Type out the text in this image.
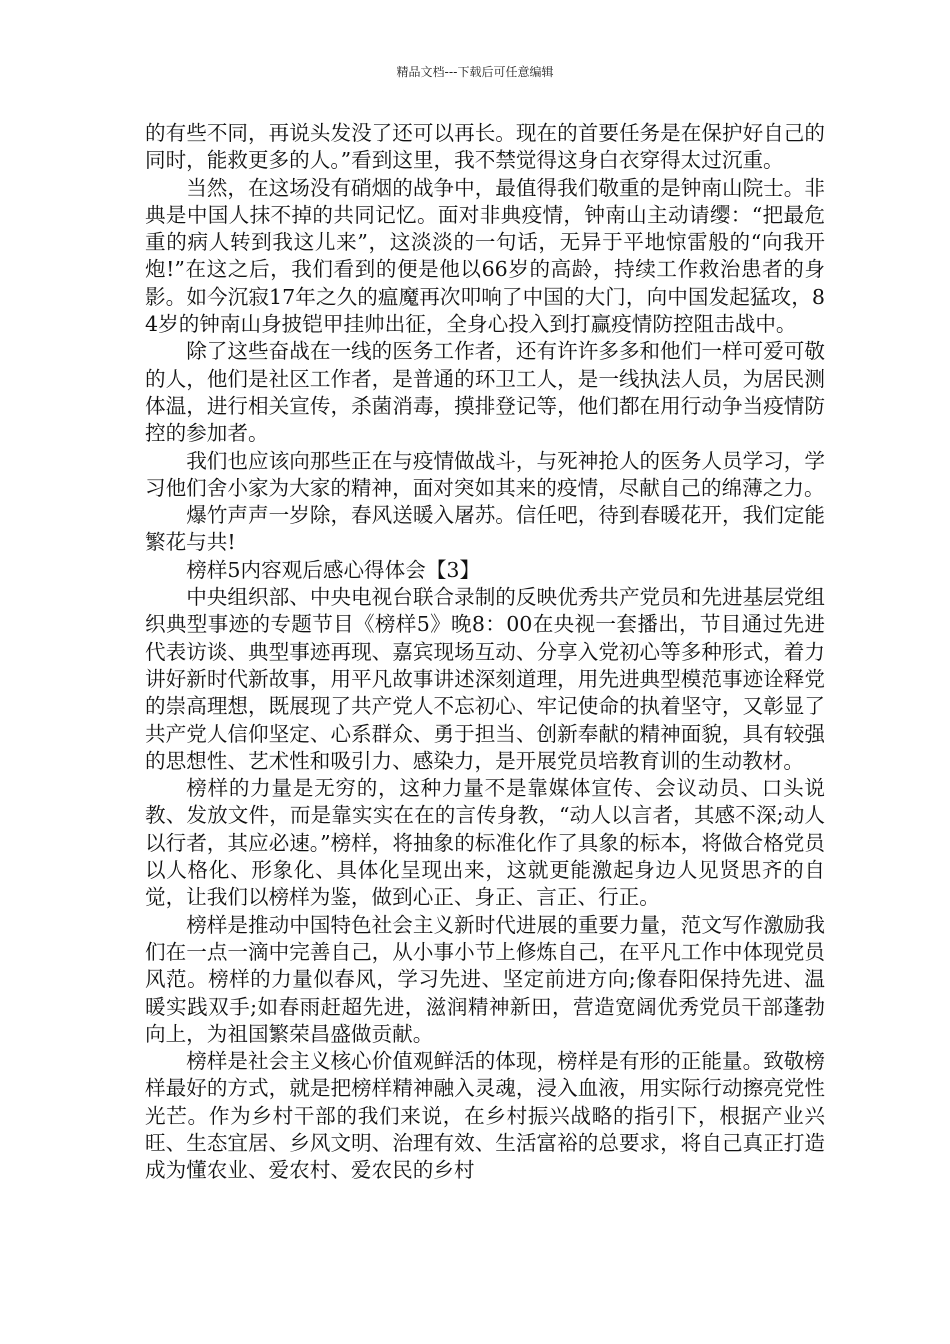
精品文档---下载后可任意编辑

的有些不同，再说头发没了还可以再长。现在的首要任务是在保护好自己的同时，能救更多的人。”看到这里，我不禁觉得这身白衣穿得太过沉重。

当然，在这场没有硝烟的战争中，最值得我们敬重的是钟南山院士。非典是中国人抹不掉的共同记忆。面对非典疫情，钟南山主动请缨：“把最危重的病人转到我这儿来”，这淡淡的一句话，无异于平地惊雷般的“向我开炮!”在这之后，我们看到的便是他以66岁的高龄，持续工作救治患者的身影。如今沉寂17年之久的瘟魔再次叩响了中国的大门，向中国发起猛攻，84岁的钟南山身披铠甲挂帅出征，全身心投入到打赢疫情防控阻击战中。

除了这些奋战在一线的医务工作者，还有许许多多和他们一样可爱可敬的人，他们是社区工作者，是普通的环卫工人，是一线执法人员，为居民测体温，进行相关宣传，杀菌消毒，摸排登记等，他们都在用行动争当疫情防控的参加者。

我们也应该向那些正在与疫情做战斗，与死神抢人的医务人员学习，学习他们舍小家为大家的精神，面对突如其来的疫情，尽献自己的绵薄之力。

爆竹声声一岁除，春风送暖入屠苏。信任吧，待到春暖花开，我们定能繁花与共!

榜样5内容观后感心得体会【3】

中央组织部、中央电视台联合录制的反映优秀共产党员和先进基层党组织典型事迹的专题节目《榜样5》晚8：00在央视一套播出，节目通过先进代表访谈、典型事迹再现、嘉宾现场互动、分享入党初心等多种形式，着力讲好新时代新故事，用平凡故事讲述深刻道理，用先进典型模范事迹诠释党的崇高理想，既展现了共产党人不忘初心、牢记使命的执着坚守，又彰显了共产党人信仰坚定、心系群众、勇于担当、创新奉献的精神面貌，具有较强的思想性、艺术性和吸引力、感染力，是开展党员培教育训的生动教材。

榜样的力量是无穷的，这种力量不是靠媒体宣传、会议动员、口头说教、发放文件，而是靠实实在在的言传身教，“动人以言者，其感不深;动人以行者，其应必速。”榜样，将抽象的标准化作了具象的标本，将做合格党员以人格化、形象化、具体化呈现出来，这就更能激起身边人见贤思齐的自觉，让我们以榜样为鉴，做到心正、身正、言正、行正。

榜样是推动中国特色社会主义新时代进展的重要力量，范文写作激励我们在一点一滴中完善自己，从小事小节上修炼自己，在平凡工作中体现党员风范。榜样的力量似春风，学习先进、坚定前进方向;像春阳保持先进、温暖实践双手;如春雨赶超先进，滋润精神新田，营造宽阔优秀党员干部蓬勃向上，为祖国繁荣昌盛做贡献。

榜样是社会主义核心价值观鲜活的体现，榜样是有形的正能量。致敬榜样最好的方式，就是把榜样精神融入灵魂，浸入血液，用实际行动擦亮党性光芒。作为乡村干部的我们来说，在乡村振兴战略的指引下，根据产业兴旺、生态宜居、乡风文明、治理有效、生活富裕的总要求，将自己真正打造成为懂农业、爱农村、爱农民的乡村
